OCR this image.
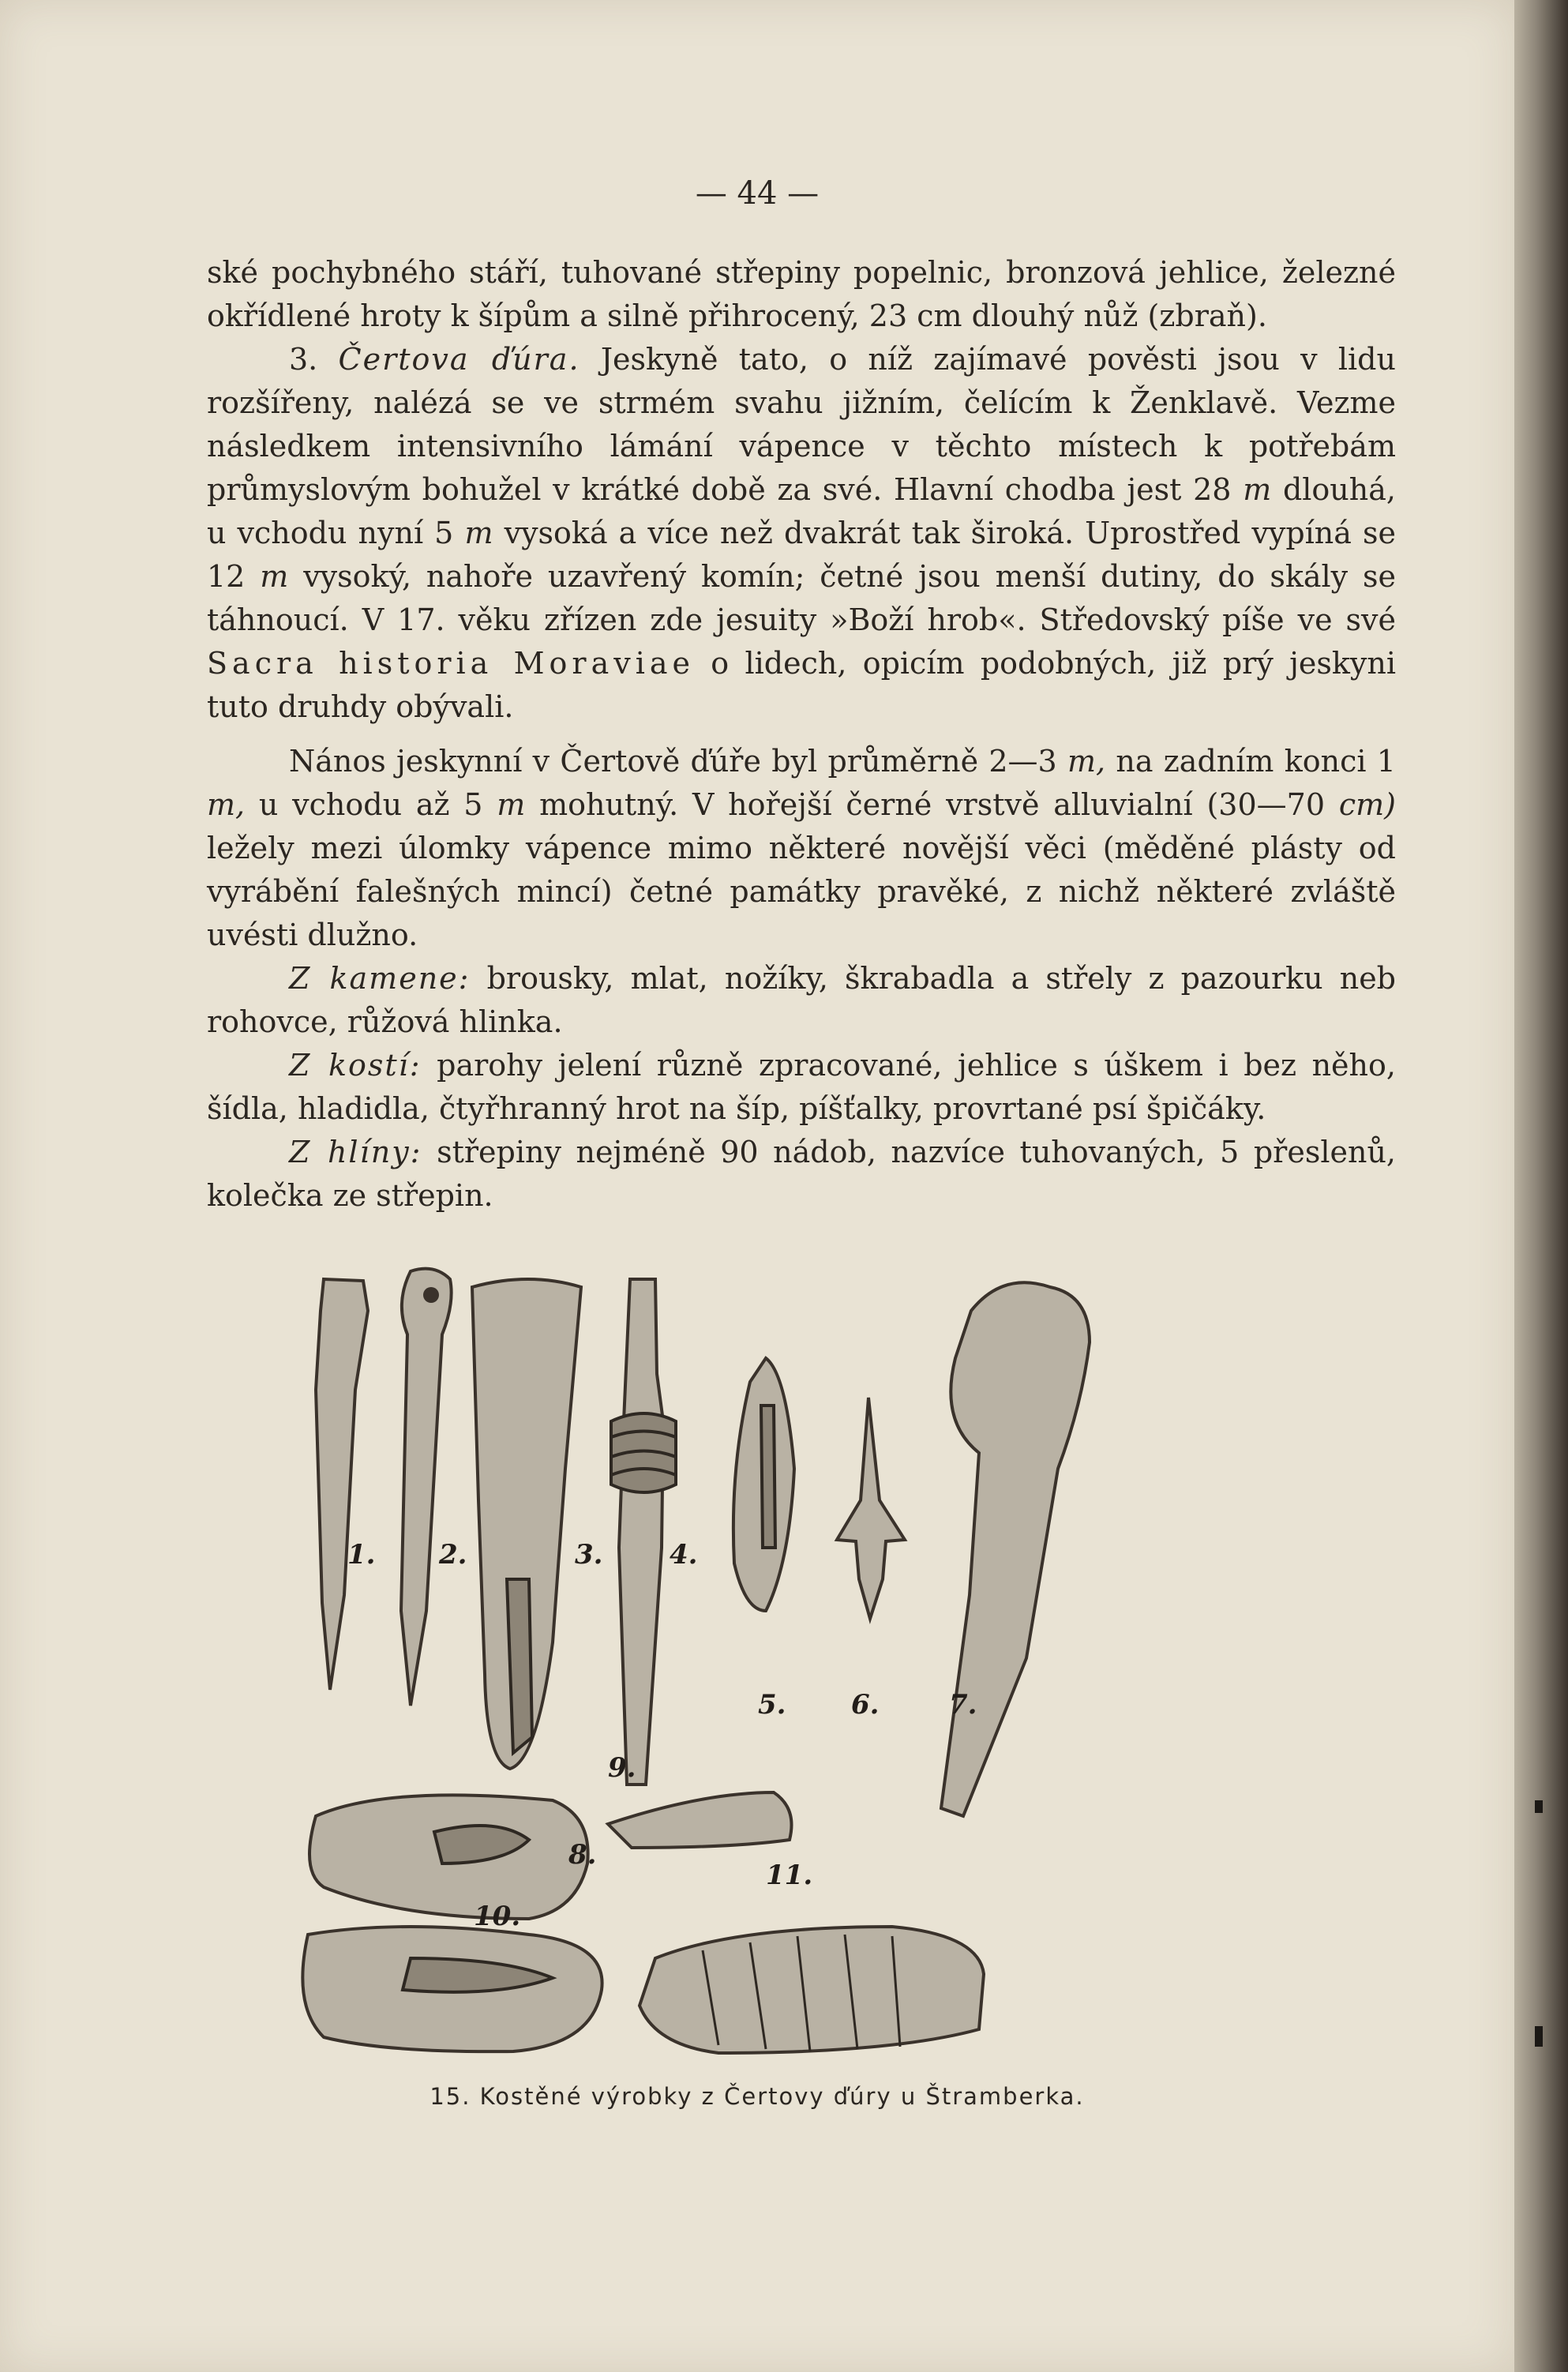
— 44 —

ské pochybného stáří, tuhované střepiny popelnic, bronzová jehlice, železné okřídlené hroty k šípům a silně přihrocený, 23 cm dlouhý nůž (zbraň).

3. Čertova ďúra. Jeskyně tato, o níž zajímavé pověsti jsou v lidu rozšířeny, nalézá se ve strmém svahu jižním, čelícím k Ženklavě. Vezme následkem intensivního lámání vápence v těchto místech k potřebám průmyslovým bohužel v krátké době za své. Hlavní chodba jest 28 m dlouhá, u vchodu nyní 5 m vysoká a více než dvakrát tak široká. Uprostřed vypíná se 12 m vysoký, nahoře uzavřený komín; četné jsou menší dutiny, do skály se táhnoucí. V 17. věku zřízen zde jesuity »Boží hrob«. Středovský píše ve své Sacra historia Moraviae o lidech, opicím podobných, již prý jeskyni tuto druhdy obývali.

Nános jeskynní v Čertově ďúře byl průměrně 2—3 m, na zadním konci 1 m, u vchodu až 5 m mohutný. V hořejší černé vrstvě alluvialní (30—70 cm) ležely mezi úlomky vápence mimo některé novější věci (měděné plásty od vyrábění falešných mincí) četné památky pravěké, z nichž některé zvláště uvésti dlužno.

Z kamene: brousky, mlat, nožíky, škrabadla a střely z pazourku neb rohovce, růžová hlinka.

Z kostí: parohy jelení různě zpracované, jehlice s úškem i bez něho, šídla, hladidla, čtyřhranný hrot na šíp, píšťalky, provrtané psí špičáky.

Z hlíny: střepiny nejméně 90 nádob, nazvíce tuhovaných, 5 přeslenů, kolečka ze střepin.

1. 2.	3. 4.
5. 6.	7.
8.
9.
10.
11.
15. Kostěné výrobky z Čertovy ďúry u Štramberka.
